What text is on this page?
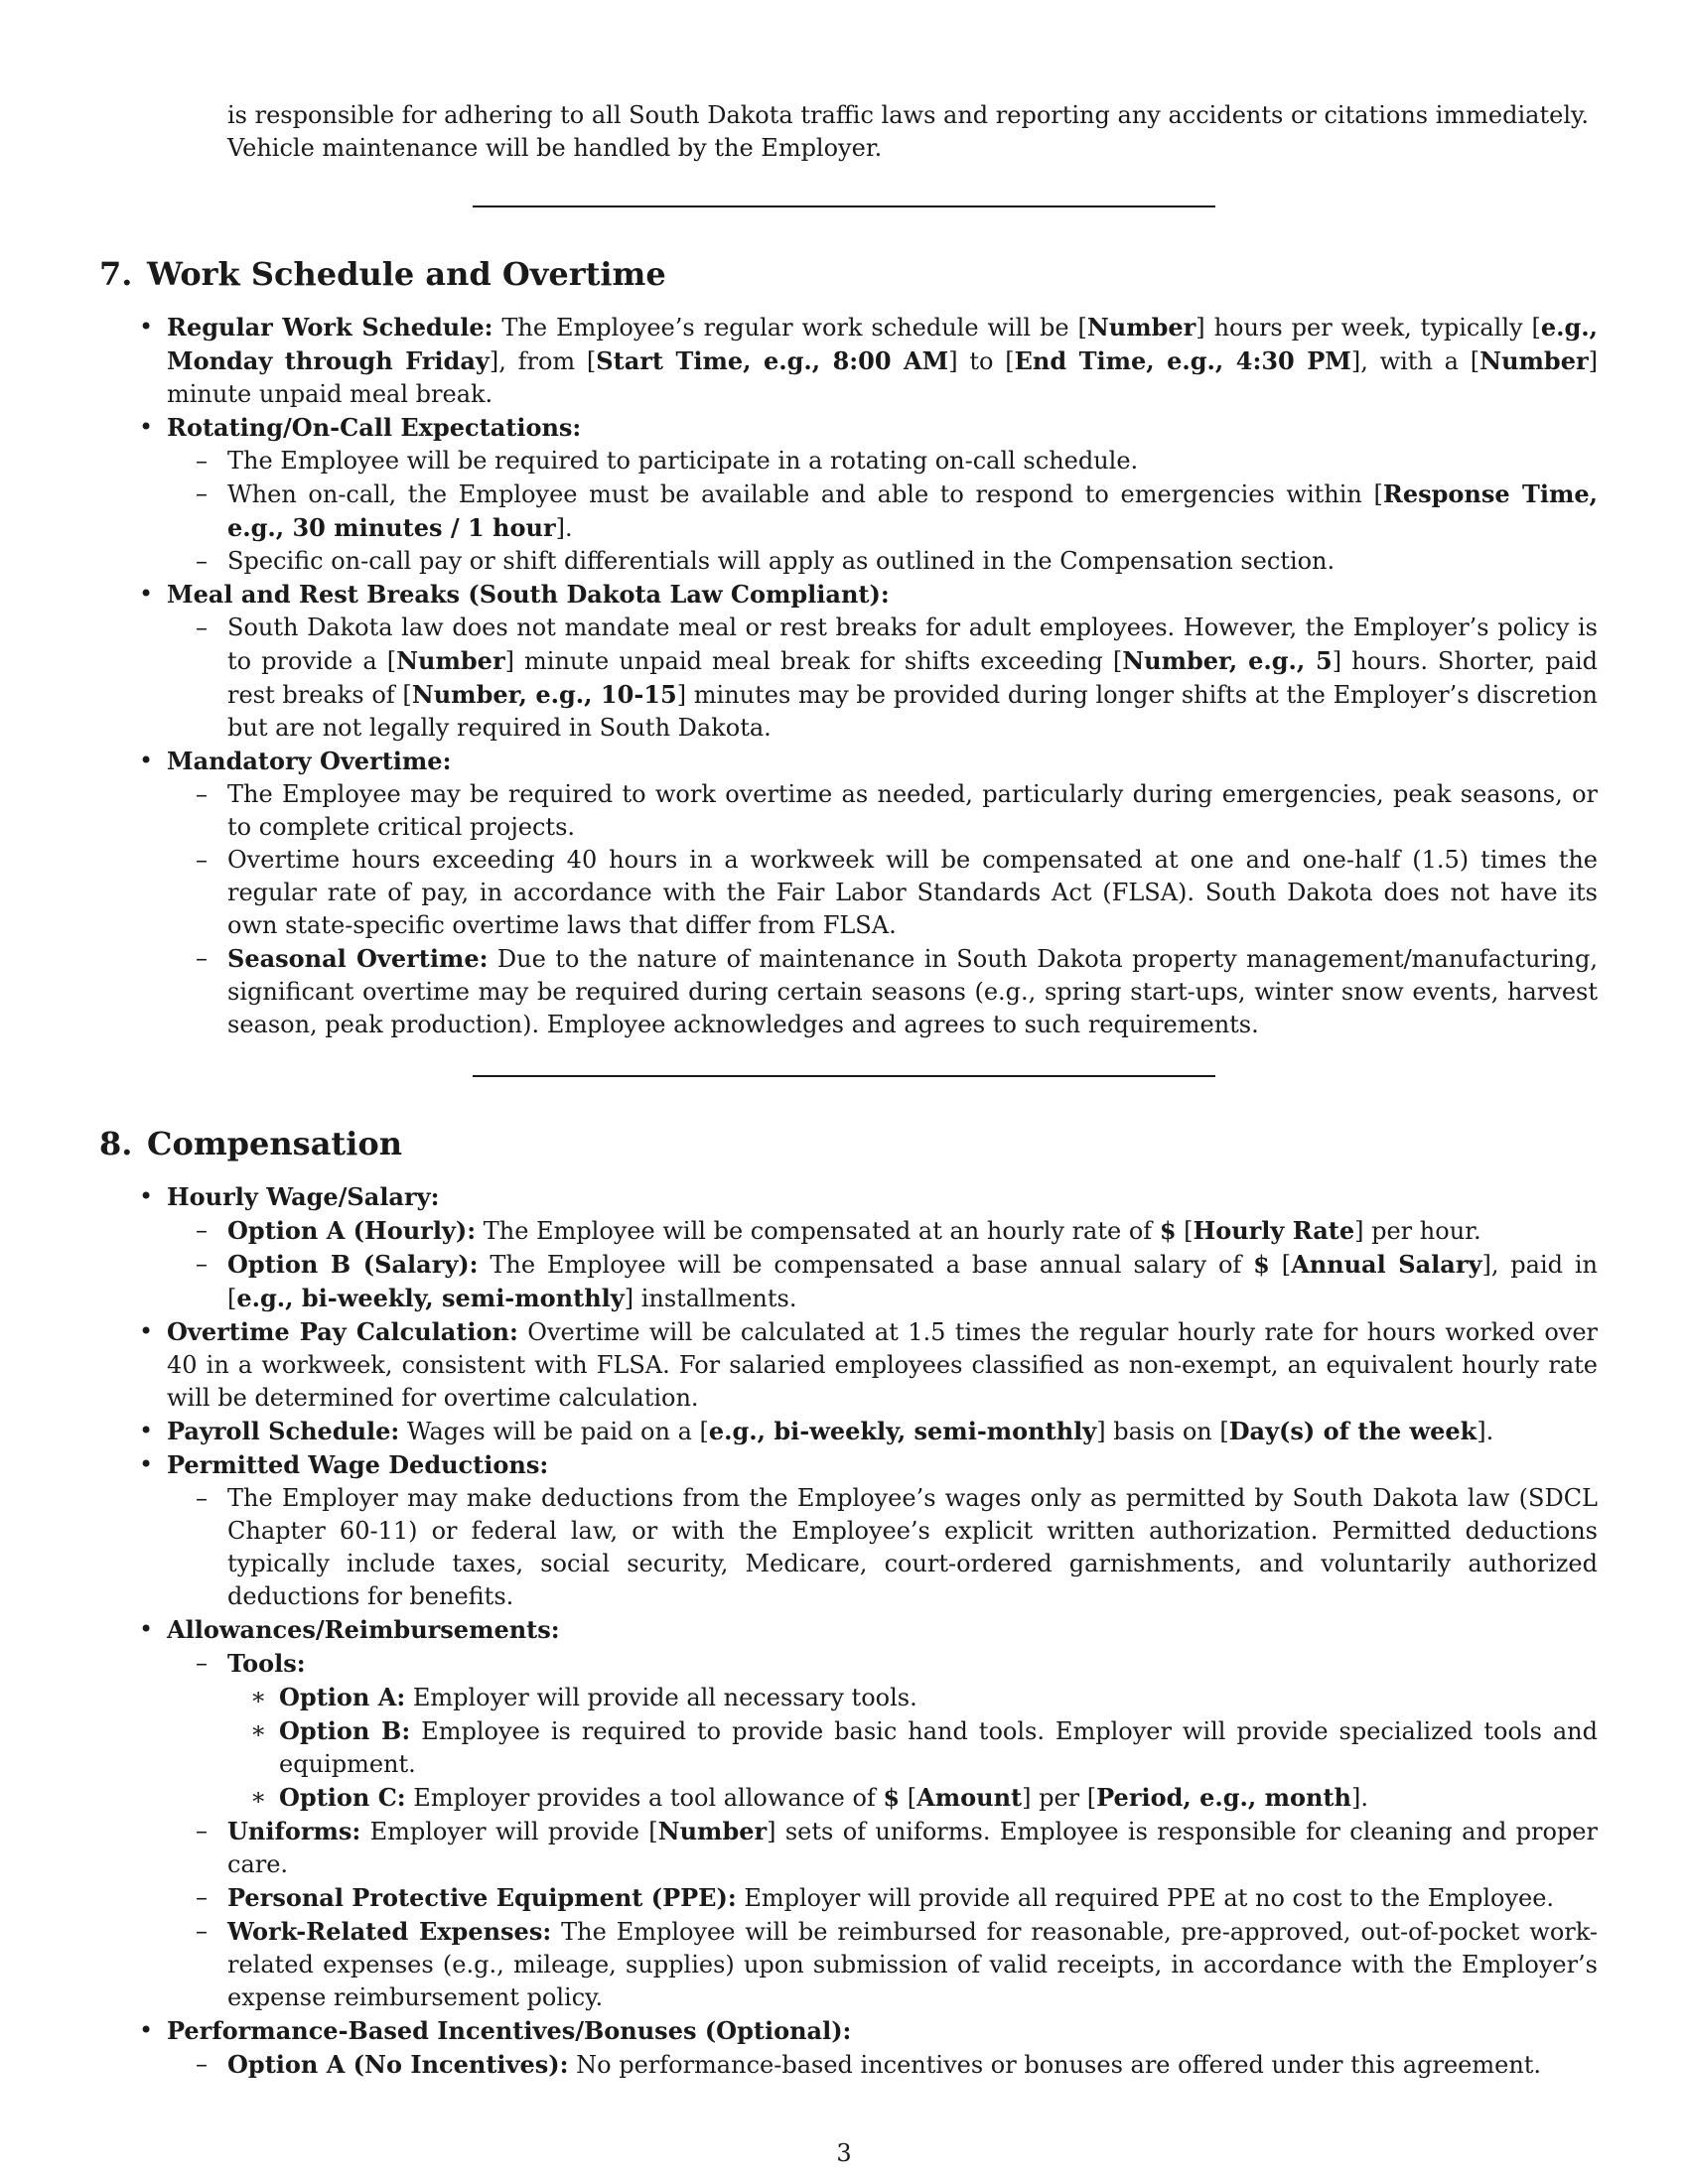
is responsible for adhering to all South Dakota traffic laws and reporting any accidents or citations immediately.
Vehicle maintenance will be handled by the Employer.
7. Work Schedule and Overtime
• Regular Work Schedule: The Employee’s regular work schedule will be [Number] hours per week, typically [e.g., Monday through Friday], from [Start Time, e.g., 8:00 AM] to [End Time, e.g., 4:30 PM], with a [Number] minute unpaid meal break.
• Rotating/On-Call Expectations:
– The Employee will be required to participate in a rotating on-call schedule.
– When on-call, the Employee must be available and able to respond to emergencies within [Response Time, e.g., 30 minutes / 1 hour].
– Specific on-call pay or shift differentials will apply as outlined in the Compensation section.
• Meal and Rest Breaks (South Dakota Law Compliant):
– South Dakota law does not mandate meal or rest breaks for adult employees. However, the Employer’s policy is to provide a [Number] minute unpaid meal break for shifts exceeding [Number, e.g., 5] hours. Shorter, paid rest breaks of [Number, e.g., 10-15] minutes may be provided during longer shifts at the Employer’s discretion but are not legally required in South Dakota.
• Mandatory Overtime:
– The Employee may be required to work overtime as needed, particularly during emergencies, peak seasons, or to complete critical projects.
– Overtime hours exceeding 40 hours in a workweek will be compensated at one and one-half (1.5) times the regular rate of pay, in accordance with the Fair Labor Standards Act (FLSA). South Dakota does not have its own state-specific overtime laws that differ from FLSA.
– Seasonal Overtime: Due to the nature of maintenance in South Dakota property management/manufacturing, significant overtime may be required during certain seasons (e.g., spring start-ups, winter snow events, harvest season, peak production). Employee acknowledges and agrees to such requirements.
8. Compensation
• Hourly Wage/Salary:
– Option A (Hourly): The Employee will be compensated at an hourly rate of $ [Hourly Rate] per hour.
– Option B (Salary): The Employee will be compensated a base annual salary of $ [Annual Salary], paid in [e.g., bi-weekly, semi-monthly] installments.
• Overtime Pay Calculation: Overtime will be calculated at 1.5 times the regular hourly rate for hours worked over 40 in a workweek, consistent with FLSA. For salaried employees classified as non-exempt, an equivalent hourly rate will be determined for overtime calculation.
• Payroll Schedule: Wages will be paid on a [e.g., bi-weekly, semi-monthly] basis on [Day(s) of the week].
• Permitted Wage Deductions:
– The Employer may make deductions from the Employee’s wages only as permitted by South Dakota law (SDCL Chapter 60-11) or federal law, or with the Employee’s explicit written authorization. Permitted deductions typically include taxes, social security, Medicare, court-ordered garnishments, and voluntarily authorized deductions for benefits.
• Allowances/Reimbursements:
– Tools:
∗ Option A: Employer will provide all necessary tools.
∗ Option B: Employee is required to provide basic hand tools. Employer will provide specialized tools and equipment.
∗ Option C: Employer provides a tool allowance of $ [Amount] per [Period, e.g., month].
– Uniforms: Employer will provide [Number] sets of uniforms. Employee is responsible for cleaning and proper care.
– Personal Protective Equipment (PPE): Employer will provide all required PPE at no cost to the Employee.
– Work-Related Expenses: The Employee will be reimbursed for reasonable, pre-approved, out-of-pocket work-related expenses (e.g., mileage, supplies) upon submission of valid receipts, in accordance with the Employer’s expense reimbursement policy.
• Performance-Based Incentives/Bonuses (Optional):
– Option A (No Incentives): No performance-based incentives or bonuses are offered under this agreement.
3
